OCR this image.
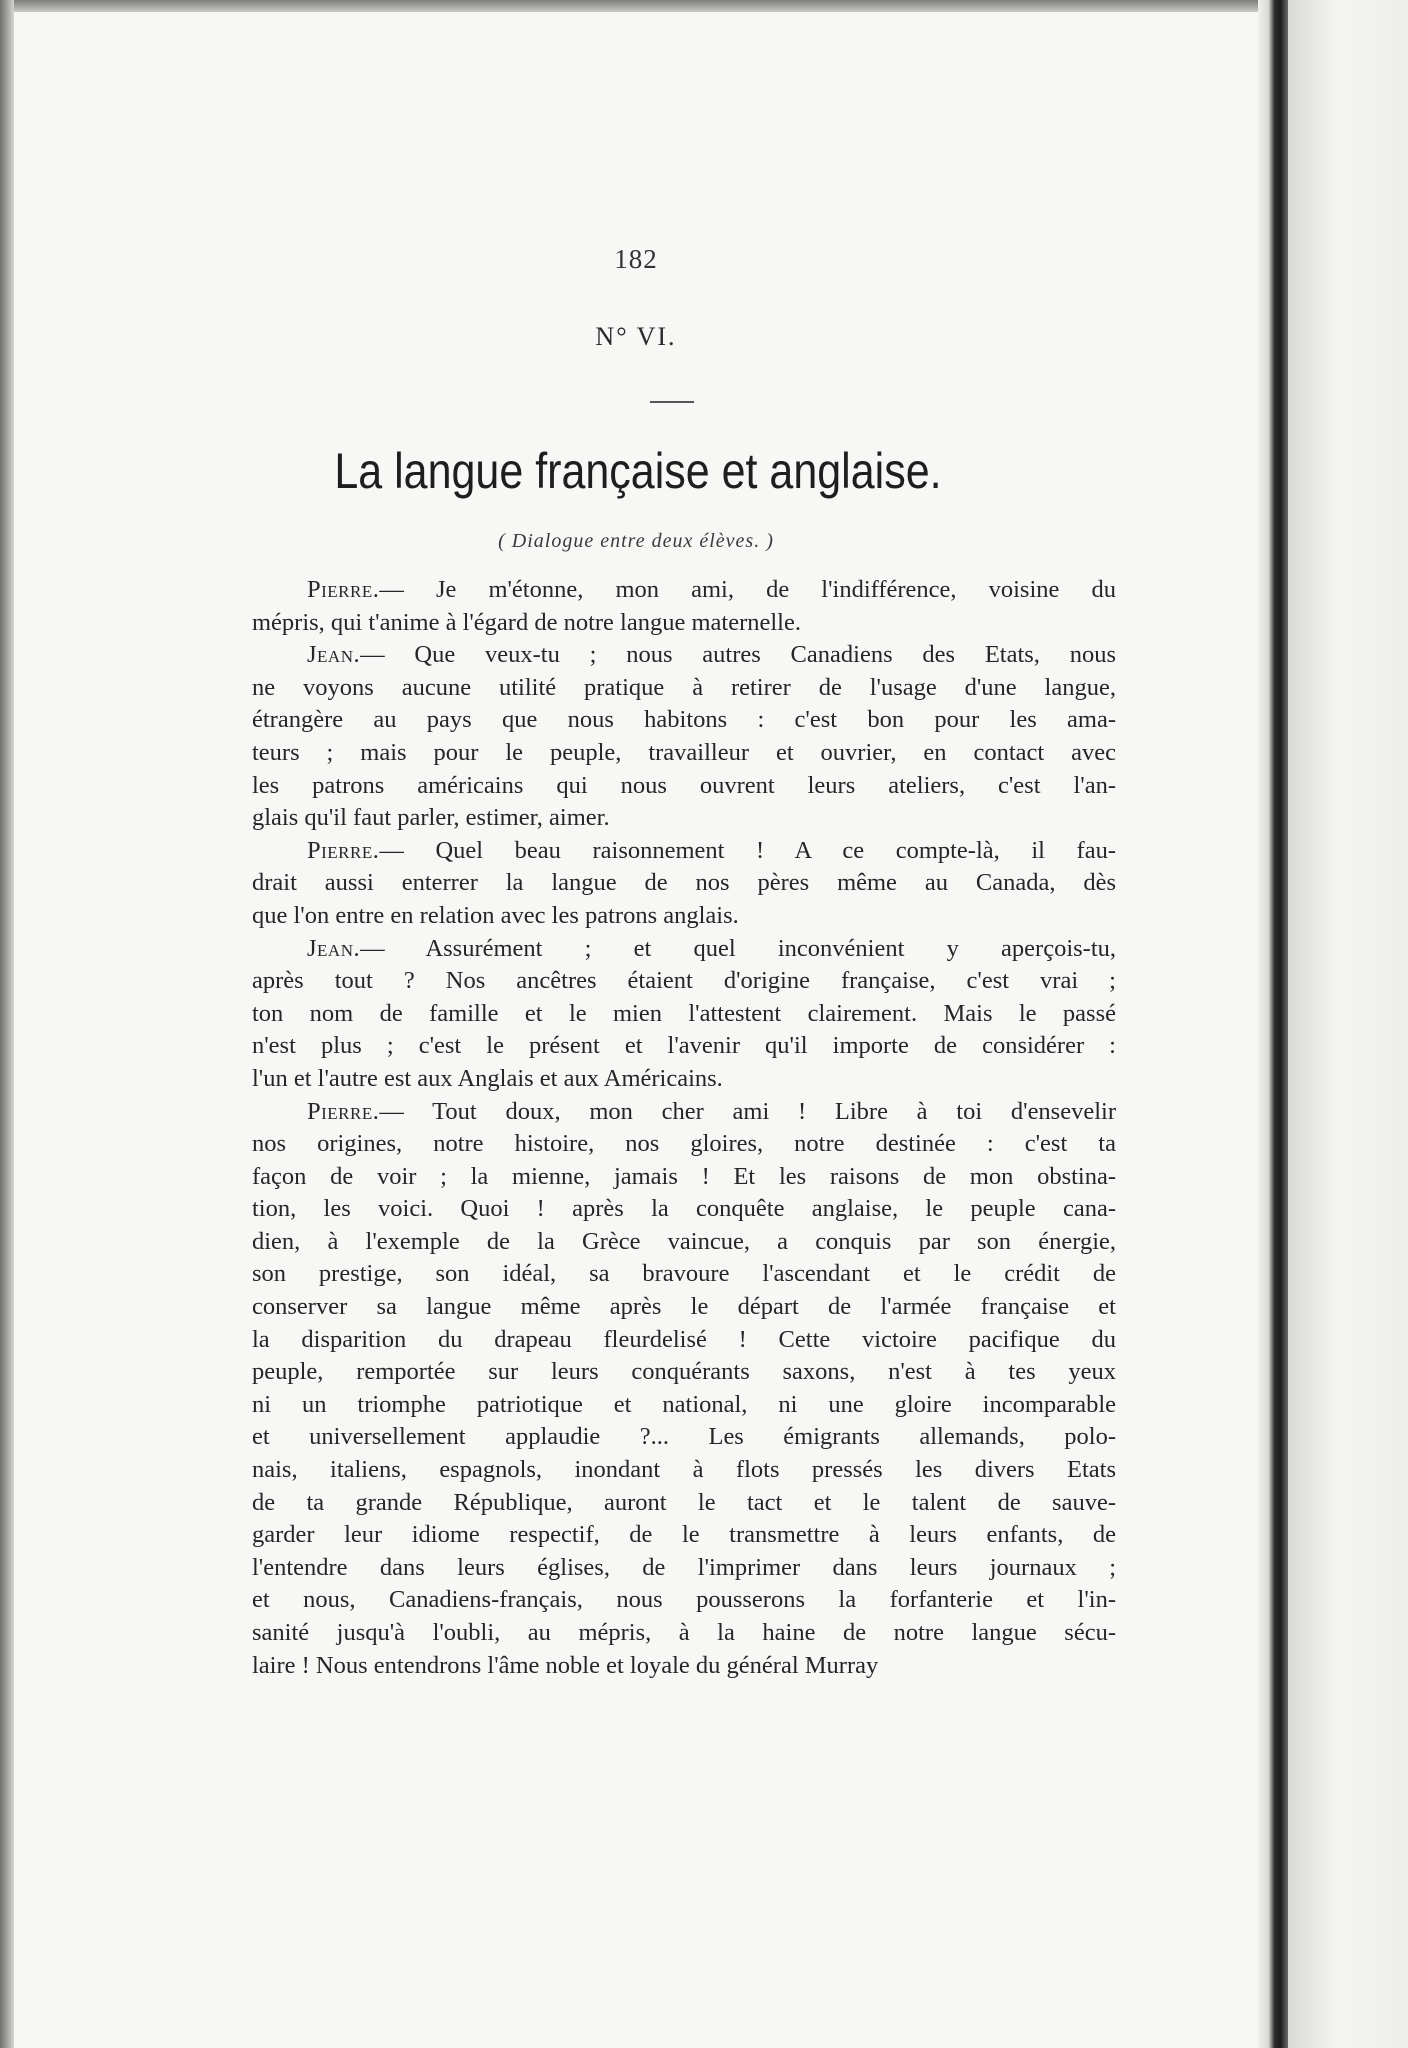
182
N° VI.
La langue française et anglaise.
( Dialogue entre deux élèves. )
Pierre.— Je m'étonne, mon ami, de l'indifférence, voisine du
mépris, qui t'anime à l'égard de notre langue maternelle.
Jean.— Que veux-tu ; nous autres Canadiens des Etats, nous
ne voyons aucune utilité pratique à retirer de l'usage d'une langue,
étrangère au pays que nous habitons : c'est bon pour les ama-
teurs ; mais pour le peuple, travailleur et ouvrier, en contact avec
les patrons américains qui nous ouvrent leurs ateliers, c'est l'an-
glais qu'il faut parler, estimer, aimer.
Pierre.— Quel beau raisonnement ! A ce compte-là, il fau-
drait aussi enterrer la langue de nos pères même au Canada, dès
que l'on entre en relation avec les patrons anglais.
Jean.— Assurément ; et quel inconvénient y aperçois-tu,
après tout ? Nos ancêtres étaient d'origine française, c'est vrai ;
ton nom de famille et le mien l'attestent clairement. Mais le passé
n'est plus ; c'est le présent et l'avenir qu'il importe de considérer :
l'un et l'autre est aux Anglais et aux Américains.
Pierre.— Tout doux, mon cher ami ! Libre à toi d'ensevelir
nos origines, notre histoire, nos gloires, notre destinée : c'est ta
façon de voir ; la mienne, jamais ! Et les raisons de mon obstina-
tion, les voici. Quoi ! après la conquête anglaise, le peuple cana-
dien, à l'exemple de la Grèce vaincue, a conquis par son énergie,
son prestige, son idéal, sa bravoure l'ascendant et le crédit de
conserver sa langue même après le départ de l'armée française et
la disparition du drapeau fleurdelisé ! Cette victoire pacifique du
peuple, remportée sur leurs conquérants saxons, n'est à tes yeux
ni un triomphe patriotique et national, ni une gloire incomparable
et universellement applaudie ?... Les émigrants allemands, polo-
nais, italiens, espagnols, inondant à flots pressés les divers Etats
de ta grande République, auront le tact et le talent de sauve-
garder leur idiome respectif, de le transmettre à leurs enfants, de
l'entendre dans leurs églises, de l'imprimer dans leurs journaux ;
et nous, Canadiens-français, nous pousserons la forfanterie et l'in-
sanité jusqu'à l'oubli, au mépris, à la haine de notre langue sécu-
laire ! Nous entendrons l'âme noble et loyale du général Murray
